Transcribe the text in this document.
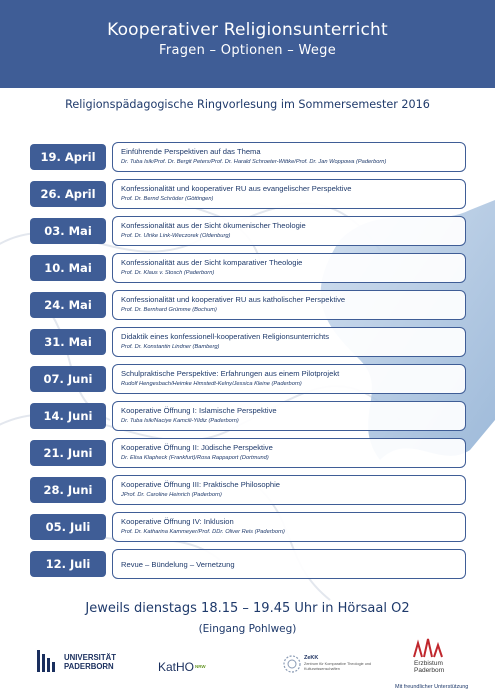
Kooperativer Religionsunterricht
Fragen – Optionen – Wege
Religionspädagogische Ringvorlesung im Sommersemester 2016
19. April	Einführende Perspektiven auf das Thema
Dr. Tuba Isik/Prof. Dr. Bergit Peters/Prof. Dr. Harald Schroeter-Wittke/Prof. Dr. Jan Woppowa (Paderborn)
26. April	Konfessionalität und kooperativer RU aus evangelischer Perspektive
Prof. Dr. Bernd Schröder (Göttingen)
03. Mai	Konfessionalität aus der Sicht ökumenischer Theologie
Prof. Dr. Ulrike Link-Wieczorek (Oldenburg)
10. Mai	Konfessionalität aus der Sicht komparativer Theologie
Prof. Dr. Klaus v. Stosch (Paderborn)
24. Mai	Konfessionalität und kooperativer RU aus katholischer Perspektive
Prof. Dr. Bernhard Grümme (Bochum)
31. Mai	Didaktik eines konfessionell-kooperativen Religionsunterrichts
Prof. Dr. Konstantin Lindner (Bamberg)
07. Juni	Schulpraktische Perspektive: Erfahrungen aus einem Pilotprojekt
Rudolf Hengesbach/Heimke Himstedt-Kelny/Jessica Kleine (Paderborn)
14. Juni	Kooperative Öffnung I: Islamische Perspektive
Dr. Tuba Isik/Naciye Kamcili-Yildiz (Paderborn)
21. Juni	Kooperative Öffnung II: Jüdische Perspektive
Dr. Elisa Klapheck (Frankfurt)/Rosa Rappaport (Dortmund)
28. Juni	Kooperative Öffnung III: Praktische Philosophie
JProf. Dr. Caroline Heinrich (Paderborn)
05. Juli	Kooperative Öffnung IV: Inklusion
Prof. Dr. Katharina Kammeyer/Prof. DDr. Oliver Reis (Paderborn)
12. Juli	Revue – Bündelung – Vernetzung
Jeweils dienstags 18.15 – 19.45 Uhr in Hörsaal O2
(Eingang Pohlweg)
UNIVERSITÄT
PADERBORN	KatHONRW
ZeKK
Zentrum für Komparative Theologie und Kulturwissenschaften
Erzbistum
Paderborn
Mit freundlicher Unterstützung
